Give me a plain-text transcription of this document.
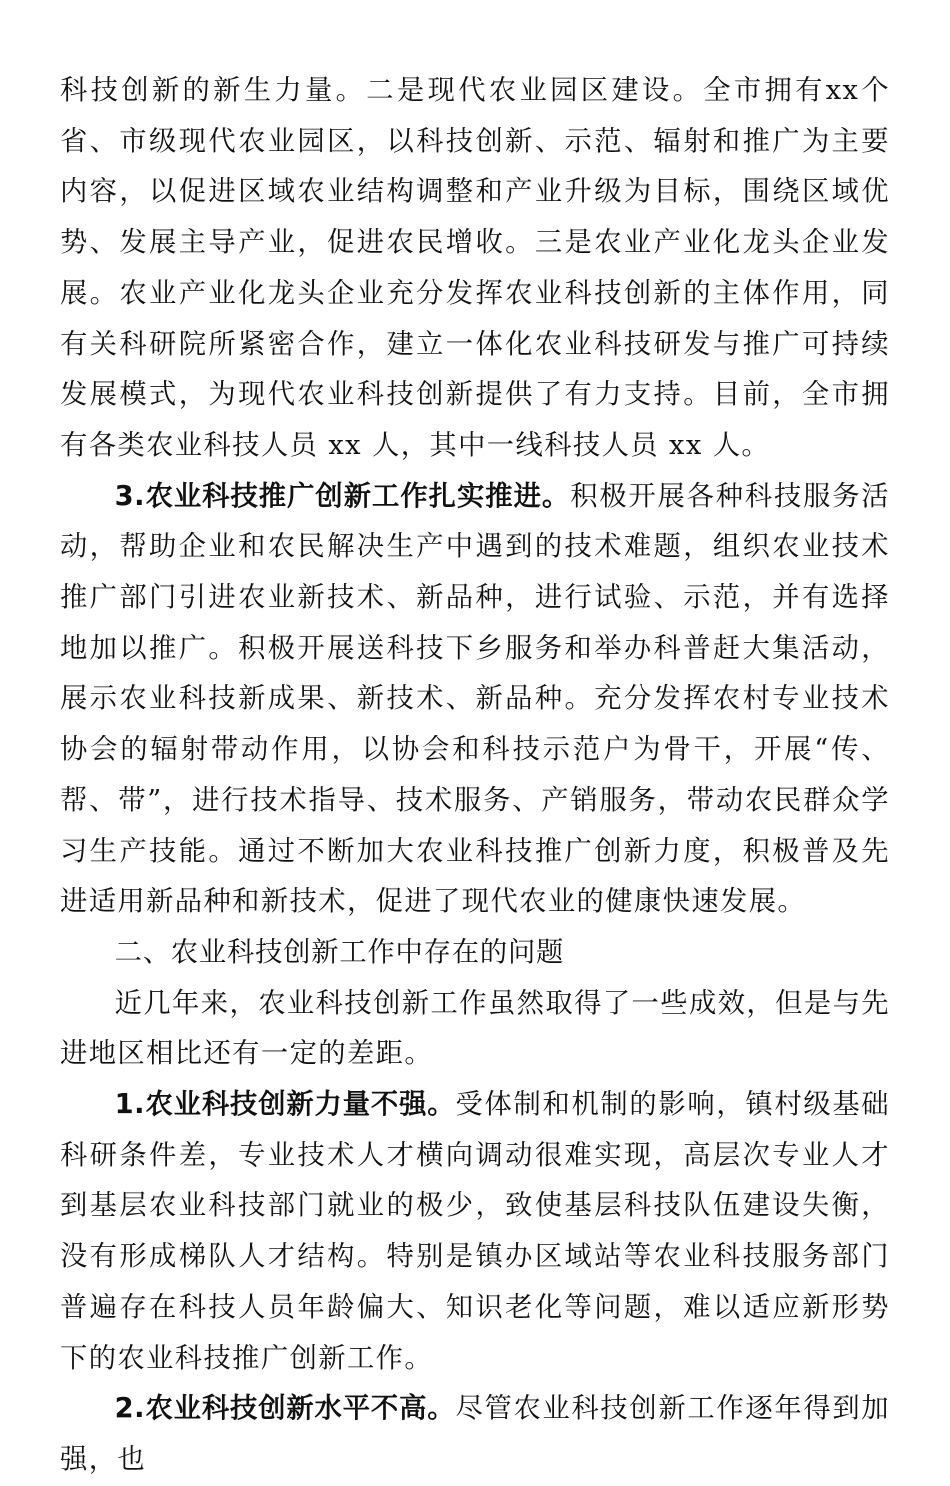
科技创新的新生力量。二是现代农业园区建设。全市拥有xx个省、市级现代农业园区，以科技创新、示范、辐射和推广为主要内容，以促进区域农业结构调整和产业升级为目标，围绕区域优势、发展主导产业，促进农民增收。三是农业产业化龙头企业发展。农业产业化龙头企业充分发挥农业科技创新的主体作用，同有关科研院所紧密合作，建立一体化农业科技研发与推广可持续发展模式，为现代农业科技创新提供了有力支持。目前，全市拥有各类农业科技人员 xx 人，其中一线科技人员 xx 人。

3.农业科技推广创新工作扎实推进。积极开展各种科技服务活动，帮助企业和农民解决生产中遇到的技术难题，组织农业技术推广部门引进农业新技术、新品种，进行试验、示范，并有选择地加以推广。积极开展送科技下乡服务和举办科普赶大集活动，展示农业科技新成果、新技术、新品种。充分发挥农村专业技术协会的辐射带动作用，以协会和科技示范户为骨干，开展“传、帮、带”，进行技术指导、技术服务、产销服务，带动农民群众学习生产技能。通过不断加大农业科技推广创新力度，积极普及先进适用新品种和新技术，促进了现代农业的健康快速发展。

二、农业科技创新工作中存在的问题

近几年来，农业科技创新工作虽然取得了一些成效，但是与先进地区相比还有一定的差距。

1.农业科技创新力量不强。受体制和机制的影响，镇村级基础科研条件差，专业技术人才横向调动很难实现，高层次专业人才到基层农业科技部门就业的极少，致使基层科技队伍建设失衡，没有形成梯队人才结构。特别是镇办区域站等农业科技服务部门普遍存在科技人员年龄偏大、知识老化等问题，难以适应新形势下的农业科技推广创新工作。

2.农业科技创新水平不高。尽管农业科技创新工作逐年得到加强，也
